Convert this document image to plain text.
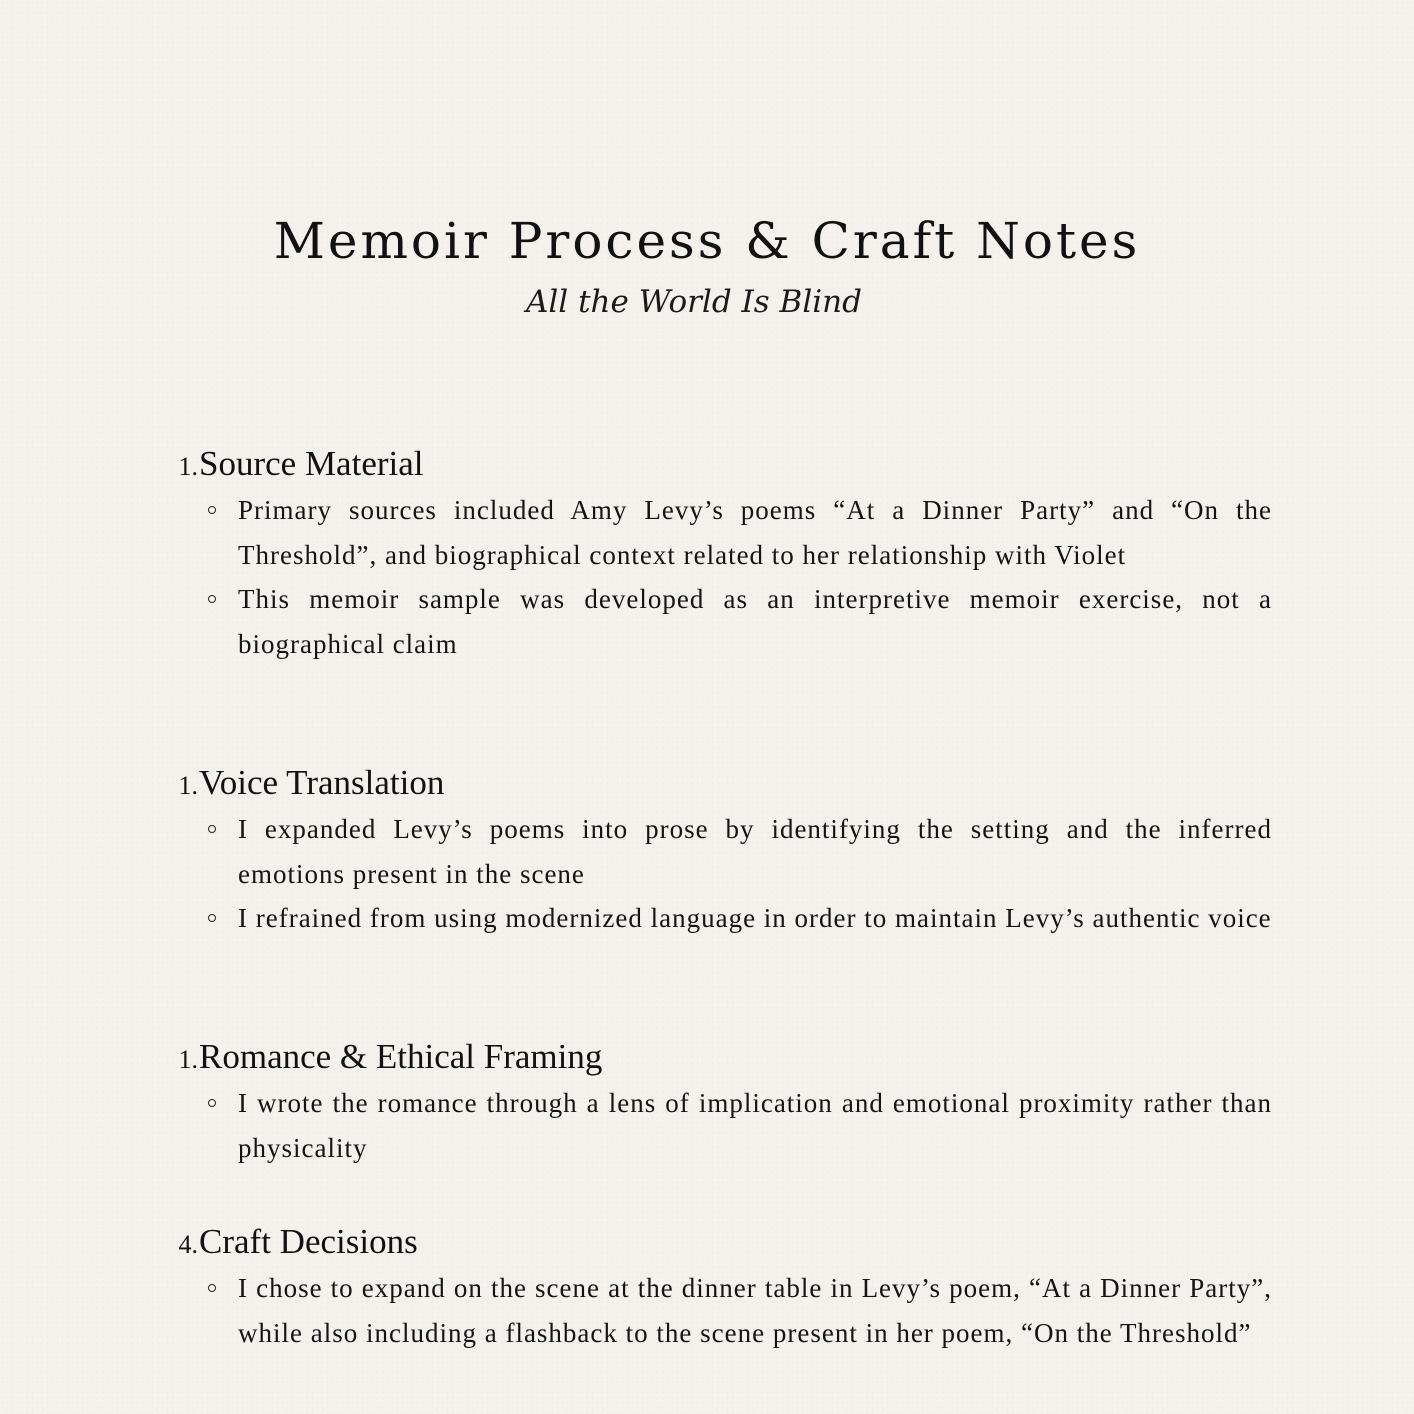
Memoir Process & Craft Notes
All the World Is Blind
1. Source Material
Primary sources included Amy Levy’s poems “At a Dinner Party” and “On the Threshold”, and biographical context related to her relationship with Violet
This memoir sample was developed as an interpretive memoir exercise, not a biographical claim
1. Voice Translation
I expanded Levy’s poems into prose by identifying the setting and the inferred emotions present in the scene
I refrained from using modernized language in order to maintain Levy’s authentic voice
1. Romance & Ethical Framing
I wrote the romance through a lens of implication and emotional proximity rather than physicality
4. Craft Decisions
I chose to expand on the scene at the dinner table in Levy’s poem, “At a Dinner Party”, while also including a flashback to the scene present in her poem, “On the Threshold”
